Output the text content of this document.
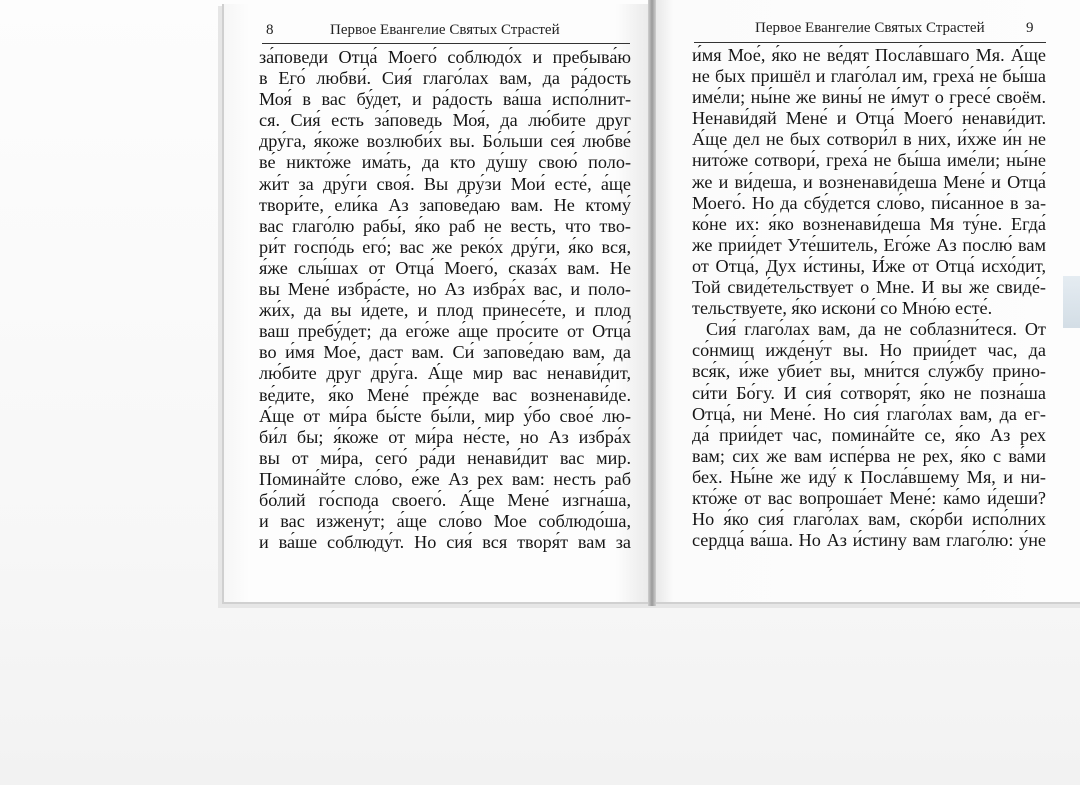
8	Первое Евангелие Святых Страстей	Первое Евангелие Святых Страстей	9
за́поведи Отца́ Моего́ соблюдо́х и пребыва́ю
в Его́ любви́. Сия́ глаго́лах вам, да ра́дость
Моя́ в вас бу́дет, и ра́дость ва́ша испо́лнит-
ся. Сия́ есть за́поведь Моя́, да лю́бите друг
дру́га, я́коже возлюби́х вы. Бо́льши сея́ любве́
ве́ никто́же има́ть, да кто ду́шу свою́ поло-
жи́т за дру́ги своя́. Вы дру́зи Мои́ есте́, а́ще
твори́те, ели́ка Аз запове́даю вам. Не ктому́
вас глаго́лю рабы́, я́ко раб не весть, что тво-
ри́т госпо́дь его́; вас же реко́х дру́ги, я́ко вся,
я́же слы́шах от Отца́ Моего́, сказа́х вам. Не
вы Мене́ избра́сте, но Аз избра́х вас, и поло-
жи́х, да вы и́дете, и плод принесе́те, и плод
ваш пребу́дет; да его́же а́ще про́сите от Отца́
во и́мя Мое́, даст вам. Си́ запове́даю вам, да
лю́бите друг дру́га. А́ще мир вас ненави́дит,
ве́дите, я́ко Мене́ пре́жде вас возненави́де.
А́ще от ми́ра бы́сте бы́ли, мир у́бо свое́ лю-
би́л бы; я́коже от ми́ра не́сте, но Аз избра́х
вы от ми́ра, сего́ ра́ди ненави́дит вас мир.
Помина́йте сло́во, е́же Аз рех вам: несть раб
бо́лий го́спода своего́. А́ще Мене́ изгна́ша,
и вас изжену́т; а́ще сло́во Мое соблюдо́ша,
и ва́ше соблюду́т. Но сия́ вся творя́т вам за
и́мя Мое́, я́ко не ве́дят Посла́вшаго Мя. А́ще
не бых пришёл и глаго́лал им, греха́ не бы́ша
име́ли; ны́не же вины́ не и́мут о гресе́ своём.
Ненави́дяй Мене́ и Отца́ Моего́ ненави́дит.
А́ще дел не бых сотвори́л в них, и́хже и́н не
нито́же сотвори́, греха́ не бы́ша име́ли; ны́не
же и ви́деша, и возненави́деша Мене́ и Отца́
Моего́. Но да сбу́дется сло́во, пи́санное в за-
ко́не их: я́ко возненави́деша Мя ту́не. Егда́
же прии́дет Уте́шитель, Его́же Аз послю́ вам
от Отца́, Дух и́стины, И́же от Отца́ исхо́дит,
Той свиде́тельствует о Мне. И вы же свиде́-
тельствуете, я́ко искони́ со Мно́ю есте́.
Сия́ глаго́лах вам, да не соблазни́теся. От
со́нмищ ижде́ну́т вы. Но прии́дет час, да
вся́к, и́же убие́т вы, мни́тся слу́жбу прино-
си́ти Бо́гу. И сия́ сотворя́т, я́ко не позна́ша
Отца́, ни Мене́. Но сия́ глаго́лах вам, да ег-
да́ прии́дет час, помина́йте се, я́ко Аз рех
вам; сих же вам испе́рва не рех, я́ко с ва́ми
бех. Ны́не же иду́ к Посла́вшему Мя, и ни-
кто́же от вас вопроша́ет Мене́: ка́мо и́деши?
Но я́ко сия́ глаго́лах вам, ско́рби испо́лних
сердца́ ва́ша. Но Аз и́стину вам глаго́лю: у́не
